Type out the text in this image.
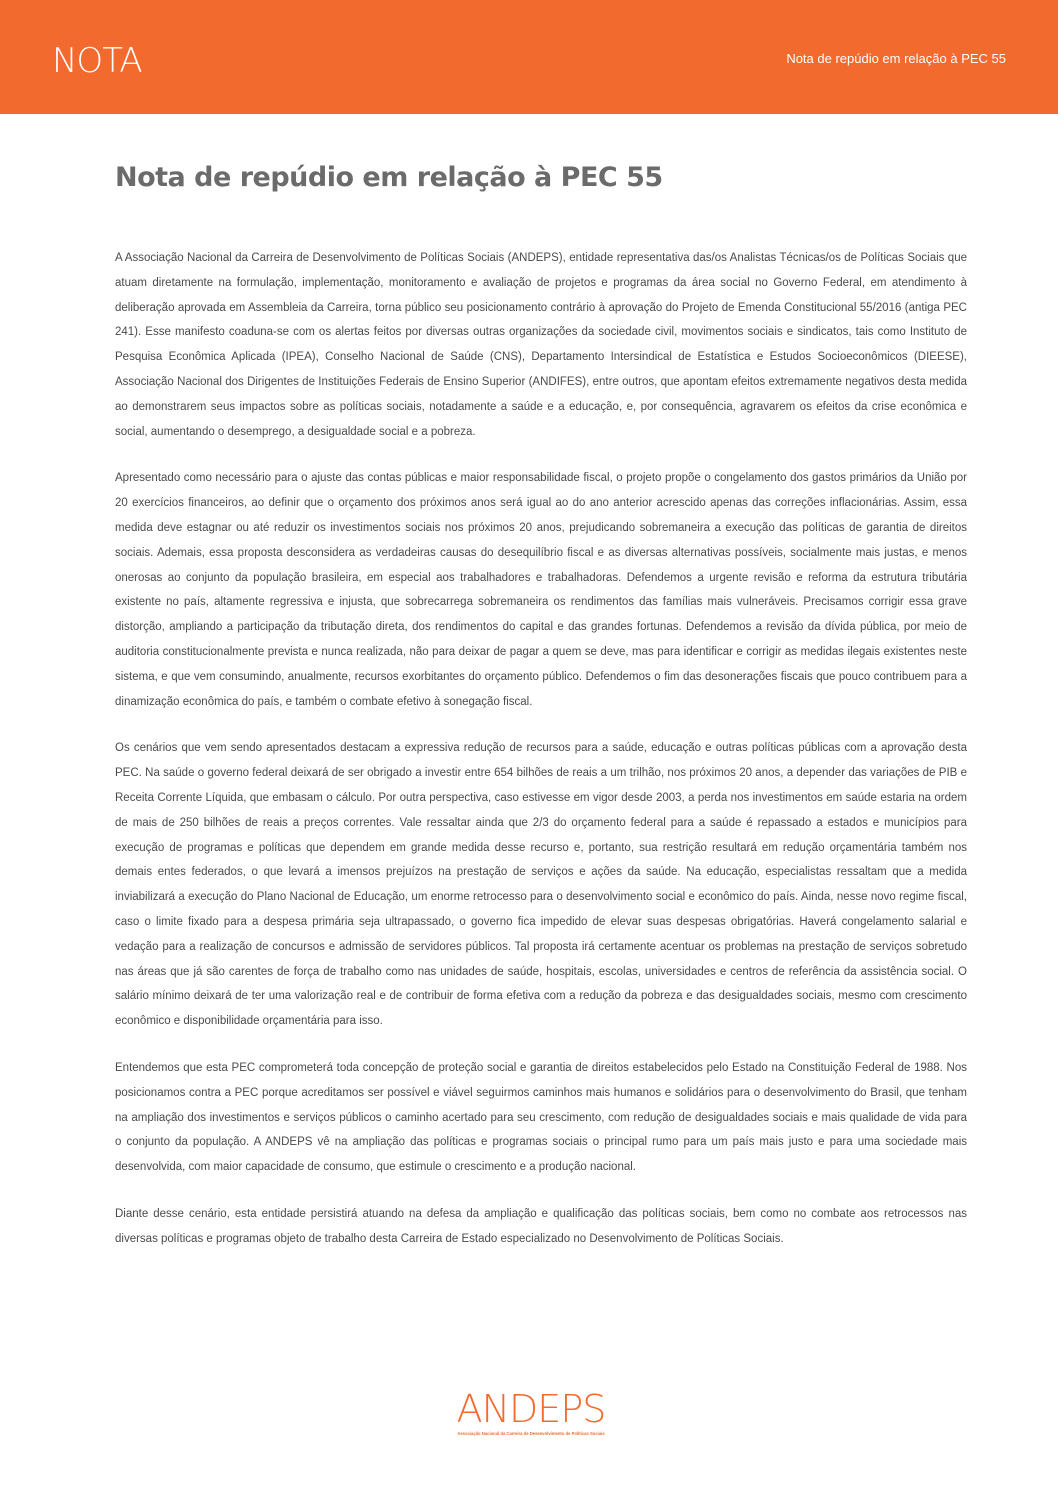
NOTA	Nota de repúdio em relação à PEC 55
Nota de repúdio em relação à PEC 55

A Associação Nacional da Carreira de Desenvolvimento de Políticas Sociais (ANDEPS), entidade representativa das/os Analistas Técnicas/os de Políticas Sociais que atuam diretamente na formulação, implementação, monitoramento e avaliação de projetos e programas da área social no Governo Federal, em atendimento à deliberação aprovada em Assembleia da Carreira, torna público seu posicionamento contrário à aprovação do Projeto de Emenda Constitucional 55/2016 (antiga PEC 241). Esse manifesto coaduna-se com os alertas feitos por diversas outras organizações da sociedade civil, movimentos sociais e sindicatos, tais como Instituto de Pesquisa Econômica Aplicada (IPEA), Conselho Nacional de Saúde (CNS), Departamento Intersindical de Estatística e Estudos Socioeconômicos (DIEESE), Associação Nacional dos Dirigentes de Instituições Federais de Ensino Superior (ANDIFES), entre outros, que apontam efeitos extremamente negativos desta medida ao demonstrarem seus impactos sobre as políticas sociais, notadamente a saúde e a educação, e, por consequência, agravarem os efeitos da crise econômica e social, aumentando o desemprego, a desigualdade social e a pobreza.

Apresentado como necessário para o ajuste das contas públicas e maior responsabilidade fiscal, o projeto propõe o congelamento dos gastos primários da União por 20 exercícios financeiros, ao definir que o orçamento dos próximos anos será igual ao do ano anterior acrescido apenas das correções inflacionárias. Assim, essa medida deve estagnar ou até reduzir os investimentos sociais nos próximos 20 anos, prejudicando sobremaneira a execução das políticas de garantia de direitos sociais. Ademais, essa proposta desconsidera as verdadeiras causas do desequilíbrio fiscal e as diversas alternativas possíveis, socialmente mais justas, e menos onerosas ao conjunto da população brasileira, em especial aos trabalhadores e trabalhadoras. Defendemos a urgente revisão e reforma da estrutura tributária existente no país, altamente regressiva e injusta, que sobrecarrega sobremaneira os rendimentos das famílias mais vulneráveis. Precisamos corrigir essa grave distorção, ampliando a participação da tributação direta, dos rendimentos do capital e das grandes fortunas. Defendemos a revisão da dívida pública, por meio de auditoria constitucionalmente prevista e nunca realizada, não para deixar de pagar a quem se deve, mas para identificar e corrigir as medidas ilegais existentes neste sistema, e que vem consumindo, anualmente, recursos exorbitantes do orçamento público. Defendemos o fim das desonerações fiscais que pouco contribuem para a dinamização econômica do país, e também o combate efetivo à sonegação fiscal.

Os cenários que vem sendo apresentados destacam a expressiva redução de recursos para a saúde, educação e outras políticas públicas com a aprovação desta PEC. Na saúde o governo federal deixará de ser obrigado a investir entre 654 bilhões de reais a um trilhão, nos próximos 20 anos, a depender das variações de PIB e Receita Corrente Líquida, que embasam o cálculo. Por outra perspectiva, caso estivesse em vigor desde 2003, a perda nos investimentos em saúde estaria na ordem de mais de 250 bilhões de reais a preços correntes. Vale ressaltar ainda que 2/3 do orçamento federal para a saúde é repassado a estados e municípios para execução de programas e políticas que dependem em grande medida desse recurso e, portanto, sua restrição resultará em redução orçamentária também nos demais entes federados, o que levará a imensos prejuízos na prestação de serviços e ações da saúde. Na educação, especialistas ressaltam que a medida inviabilizará a execução do Plano Nacional de Educação, um enorme retrocesso para o desenvolvimento social e econômico do país. Ainda, nesse novo regime fiscal, caso o limite fixado para a despesa primária seja ultrapassado, o governo fica impedido de elevar suas despesas obrigatórias. Haverá congelamento salarial e vedação para a realização de concursos e admissão de servidores públicos. Tal proposta irá certamente acentuar os problemas na prestação de serviços sobretudo nas áreas que já são carentes de força de trabalho como nas unidades de saúde, hospitais, escolas, universidades e centros de referência da assistência social. O salário mínimo deixará de ter uma valorização real e de contribuir de forma efetiva com a redução da pobreza e das desigualdades sociais, mesmo com crescimento econômico e disponibilidade orçamentária para isso.

Entendemos que esta PEC comprometerá toda concepção de proteção social e garantia de direitos estabelecidos pelo Estado na Constituição Federal de 1988. Nos posicionamos contra a PEC porque acreditamos ser possível e viável seguirmos caminhos mais humanos e solidários para o desenvolvimento do Brasil, que tenham na ampliação dos investimentos e serviços públicos o caminho acertado para seu crescimento, com redução de desigualdades sociais e mais qualidade de vida para o conjunto da população. A ANDEPS vê na ampliação das políticas e programas sociais o principal rumo para um país mais justo e para uma sociedade mais desenvolvida, com maior capacidade de consumo, que estimule o crescimento e a produção nacional.

Diante desse cenário, esta entidade persistirá atuando na defesa da ampliação e qualificação das políticas sociais, bem como no combate aos retrocessos nas diversas políticas e programas objeto de trabalho desta Carreira de Estado especializado no Desenvolvimento de Políticas Sociais.

ANDEPS
Associação Nacional da Carreira de Desenvolvimento de Políticas Sociais
